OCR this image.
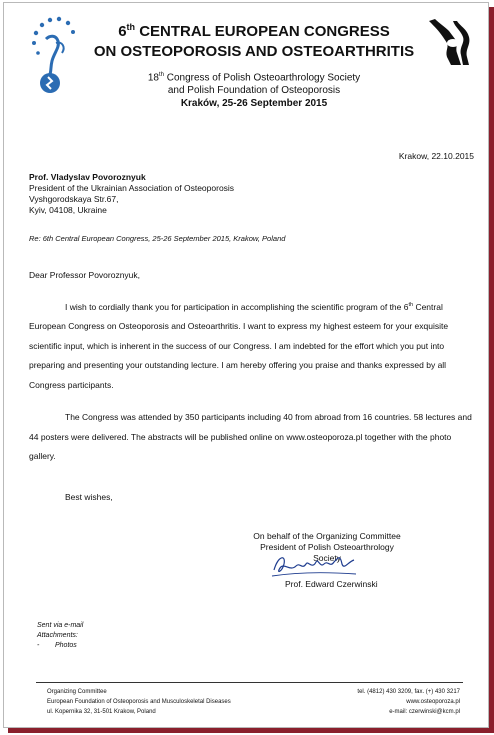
6th CENTRAL EUROPEAN CONGRESS
ON OSTEOPOROSIS AND OSTEOARTHRITIS
18th Congress of Polish Osteoarthrology Society
and Polish Foundation of Osteoporosis
Kraków, 25-26 September 2015
Krakow, 22.10.2015
Prof. Vladyslav Povoroznyuk
President of the Ukrainian Association of Osteoporosis
Vyshgorodskaya Str.67,
Kyiv, 04108, Ukraine
Re: 6th Central European Congress, 25-26 September 2015, Krakow, Poland
Dear Professor Povoroznyuk,

I wish to cordially thank you for participation in accomplishing the scientific program of the 6th Central European Congress on Osteoporosis and Osteoarthritis. I want to express my highest esteem for your exquisite scientific input, which is inherent in the success of our Congress. I am indebted for the effort which you put into preparing and presenting your outstanding lecture. I am hereby offering you praise and thanks expressed by all Congress participants.

The Congress was attended by 350 participants including 40 from abroad from 16 countries. 58 lectures and 44 posters were delivered. The abstracts will be published online on www.osteoporoza.pl together with the photo gallery.

Best wishes,
On behalf of the Organizing Committee
President of Polish Osteoarthrology Society
Prof. Edward Czerwinski
Sent via e-mail
Attachments:
- Photos
Organizing Committee
European Foundation of Osteoporosis and Musculoskeletal Diseases
ul. Kopernika 32, 31-501 Krakow, Poland
tel. (4812) 430 3209, fax. (+) 430 3217
www.osteoporoza.pl
e-mail: czerwinski@kcm.pl
